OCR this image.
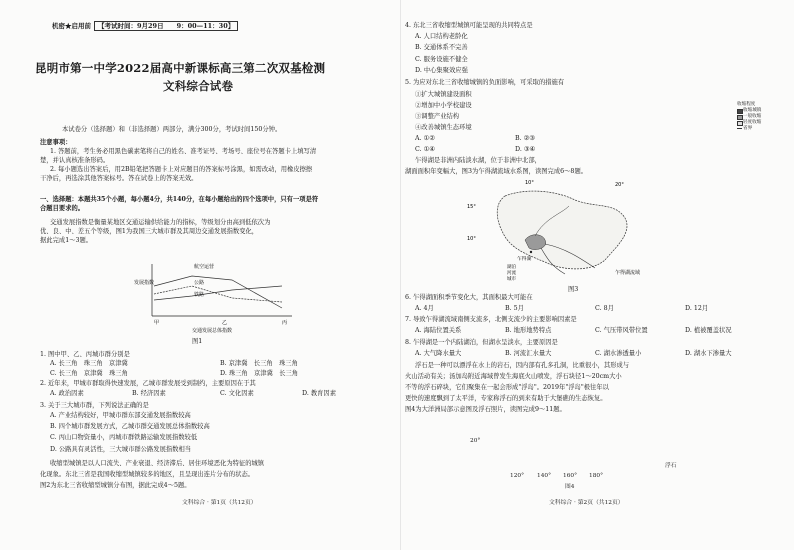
机密★启用前	【考试时间：9月29日　　9：00—11：30】
昆明市第一中学2022届高中新课标高三第二次双基检测
文科综合试卷
本试卷分（选择题）和（非选择题）两部分，满分300分，考试时间150分钟。
注意事项：
1. 答题前，考生务必用黑色碳素笔将自己的姓名、准考证号、考场号、座位号在答题卡上填写清
楚，并认真核准条形码。
2. 每小题选出答案后，用2B铅笔把答题卡上对应题目的答案标号涂黑，如需改动，用橡皮擦擦
干净后，再选涂其他答案标号。答在试卷上的答案无效。
一、选择题：本题共35个小题，每小题4分，共140分，在每小题给出的四个选项中，只有一项是符
合题目要求的。
交通发展指数是衡量某地区交通运输供给能力的指标，等级划分由高到低依次为
优、良、中、差五个等级，图1为我国三大城市群及其周边交通发展指数变化，
据此完成1～3题。
发展指数
航空运营
公路
铁路
甲	乙	丙
交通发展总体指数
图1
1. 图中甲、乙、丙城市群分别是
A. 长三角　珠三角　京津冀	B. 京津冀　长三角　珠三角
C. 长三角　京津冀　珠三角	D. 珠三角　京津冀　长三角
2. 近年来，甲城市群取得快速发展，乙城市群发展受到制约，主要原因在于其
A. 政治因素	B. 经济因素	C. 文化因素	D. 教育因素
3. 关于三大城市群，下列说法正确的是
A. 产业结构较好，甲城市群东部交通发展指数较高
B. 四个城市群发展方式，乙城市群交通发展总体指数较高
C. 丙山口物资量小，丙城市群铁路运输发展指数较低
D. 公路具有灵活性，三大城市群公路发展指数相当
收缩型城镇是以人口流失、产业衰退、经济滞后、居住环境恶化为特征的城镇
化现象。东北三省是我国收缩型城镇较多的地区，且呈现出连片分布的状态。
图2为东北三省收缩型城镇分布图，据此完成4～5题。
文科综合 · 第1页（共12页）
4. 东北三省收缩型城镇可能呈现的共同特点是
A. 人口结构老龄化
B. 交通体系不完善
C. 服务设施不健全
D. 中心集聚效应强
5. 为应对东北三省收缩城镇的负面影响，可采取的措施有
①扩大城镇建设面积
②增加中小学校建设
③调整产业结构
④改善城镇生态环境
A. ①②	B. ②③
C. ①④	D. ③④
收缩程度
收缩城镇
一般收缩
轻度收缩
省界
乍得湖是非洲内陆淡水湖，位于非洲中北部，
湖面面积年变幅大，图3为乍得湖流域水系图，读图完成6～8题。
20°
10°
15°
10°
乍得湖
乍得湖流域
湖泊
河流
城市
图3
6. 乍得湖面积季节变化大，其面积最大可能在
A. 4月	B. 5月	C. 8月	D. 12月
7. 导致乍得湖流域南侧支流多，北侧支流少的主要影响因素是
A. 海陆位置关系	B. 地形地势特点	C. 气压带风带位置	D. 植被覆盖状况
8. 乍得湖是一个内陆湖泊，但湖水呈淡水，主要原因是
A. 大气降水量大	B. 河流汇水量大	C. 湖水渗透量小	D. 湖水下渗量大
浮石是一种可以漂浮在水上的岩石，因内部有孔多孔洞，比重很小，其形成与
火山活动有关；汤加岛附近海域曾发生海底火山喷发，浮石块径1～20cm大小
不等的浮石碎块，它们聚集在一起会形成"浮岛"。2019年"浮岛"极往年以
更快的速度飘到了太平洋，专家称浮石的到来有助于大堡礁的生态恢复。
图4为大洋洲局部示意图及浮石照片，读图完成9～11题。
20°
120° 140° 160° 180°
浮石
图4
文科综合 · 第2页（共12页）
